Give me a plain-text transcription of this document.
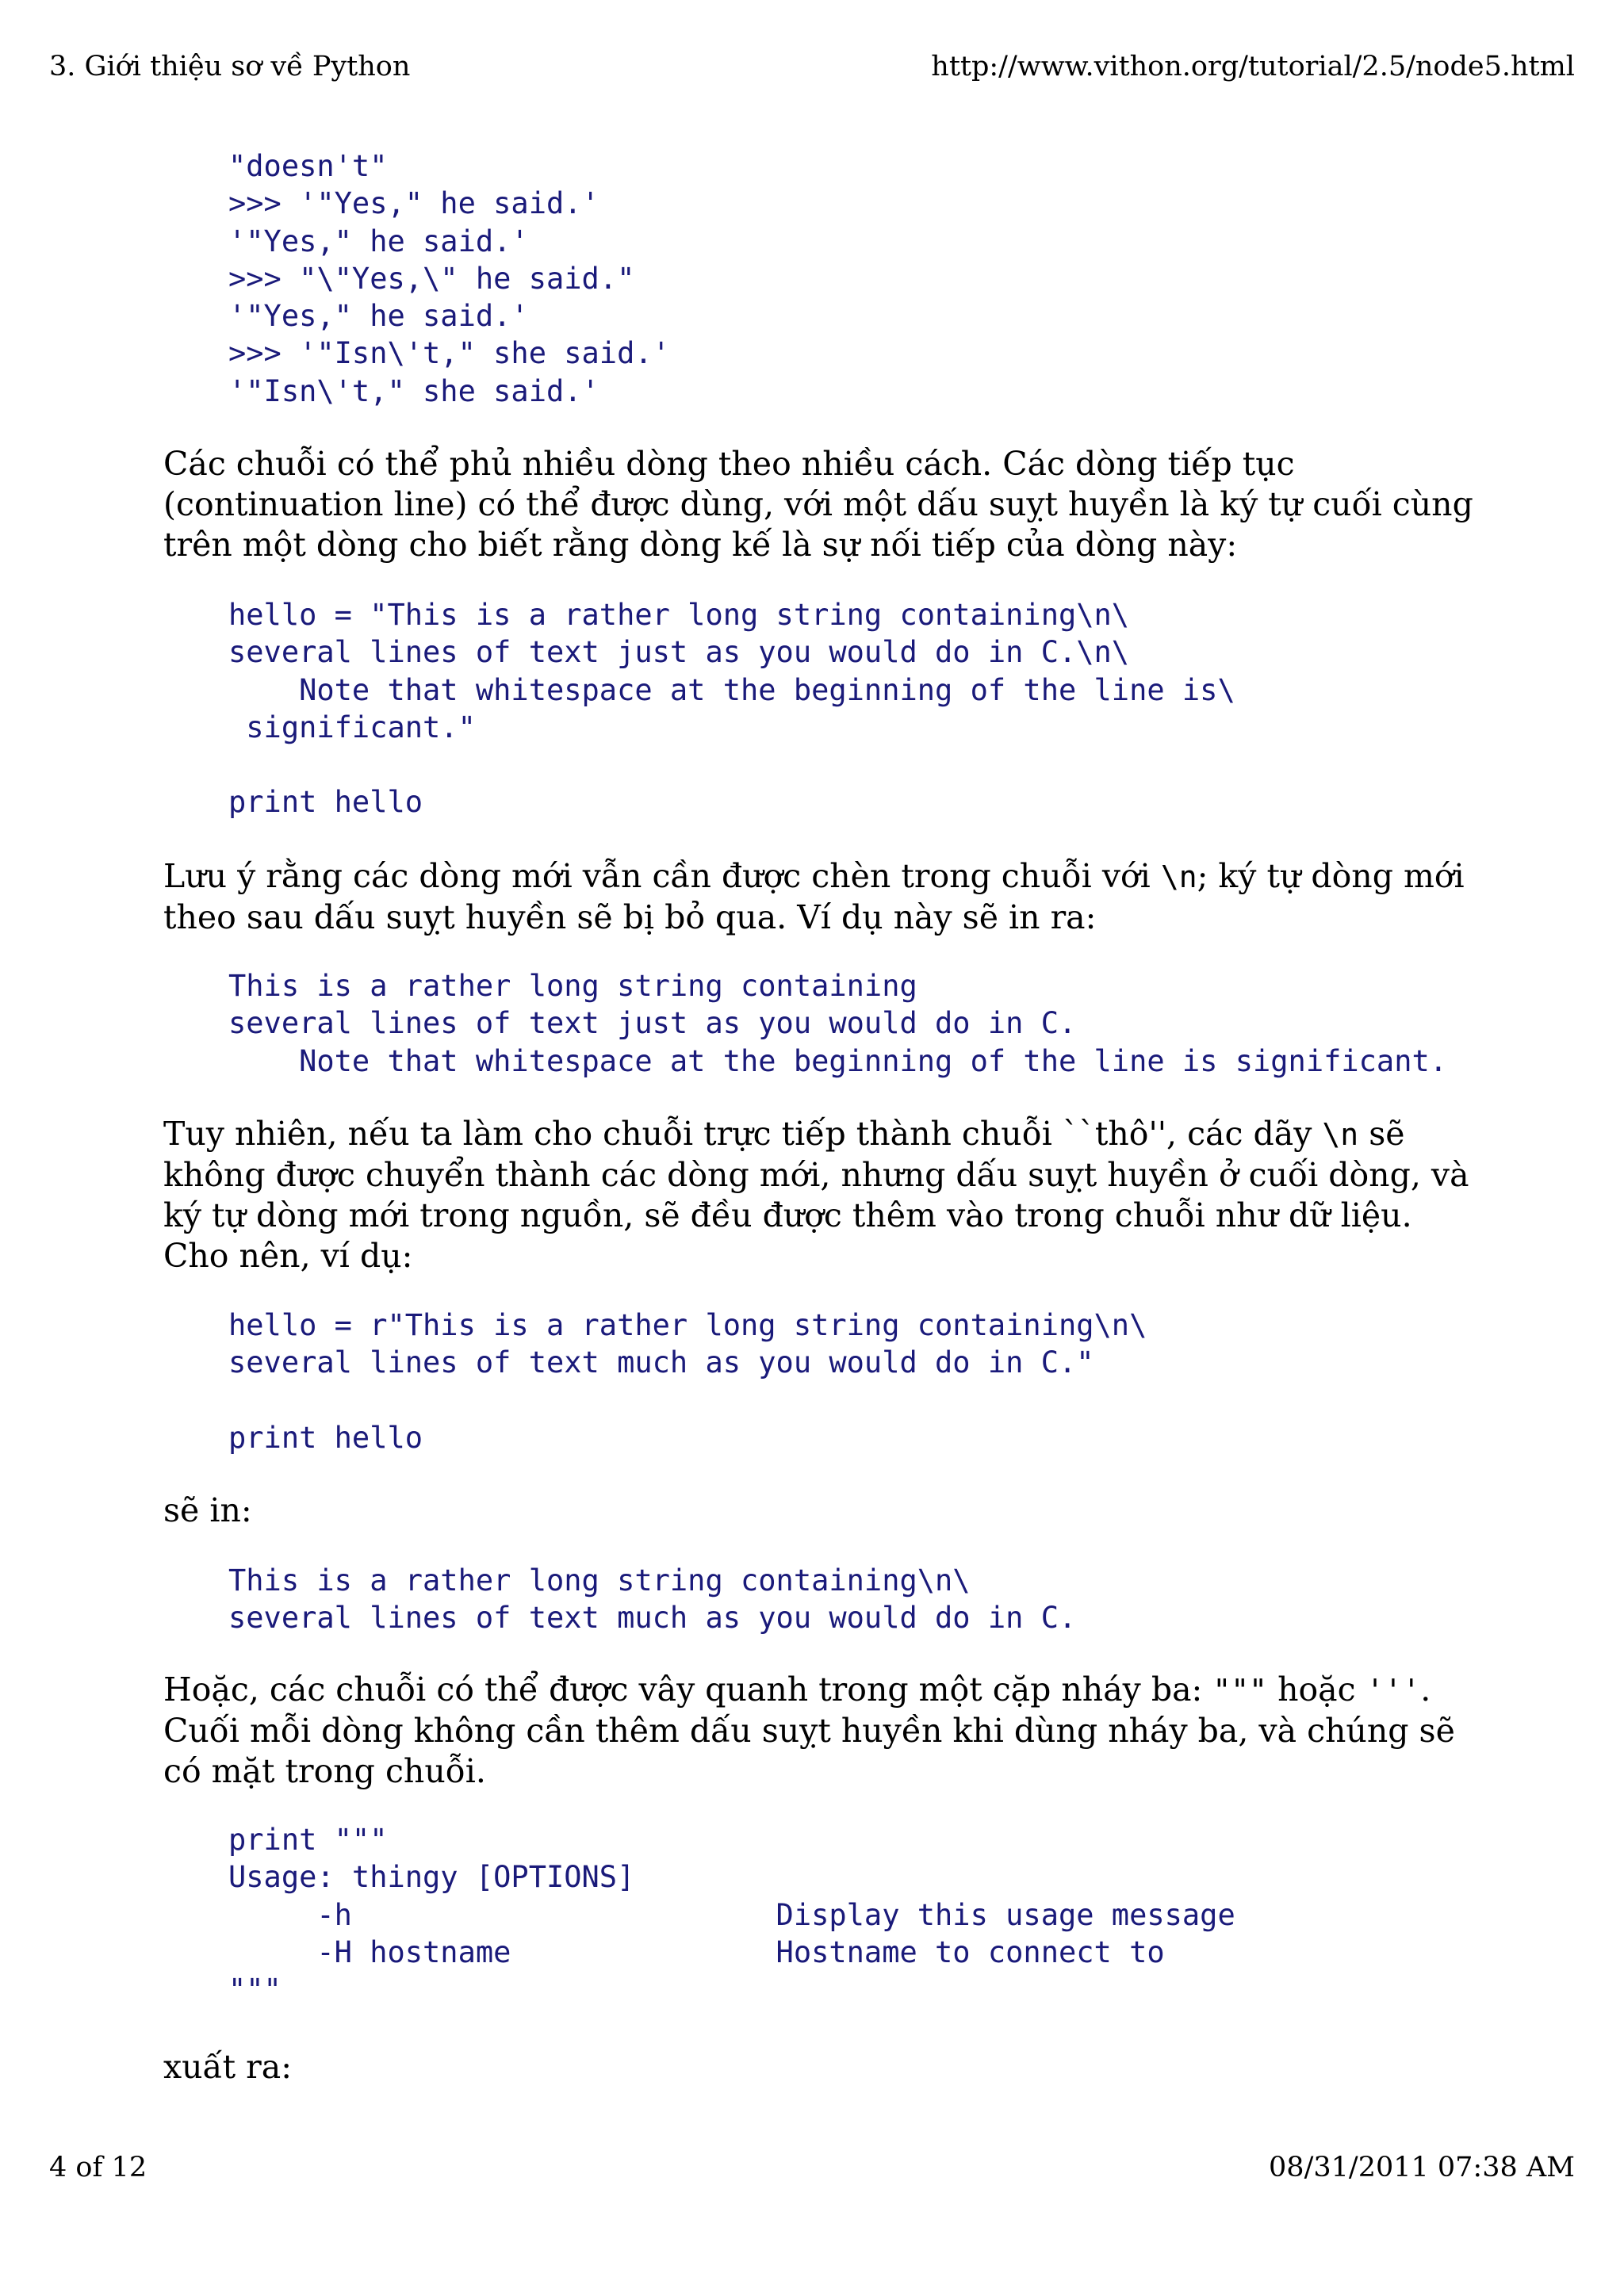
3. Giới thiệu sơ về Python	http://www.vithon.org/tutorial/2.5/node5.html
"doesn't"
>>> '"Yes," he said.'
'"Yes," he said.'
>>> "\"Yes,\" he said."
'"Yes," he said.'
>>> '"Isn\'t," she said.'
'"Isn\'t," she said.'

Các chuỗi có thể phủ nhiều dòng theo nhiều cách. Các dòng tiếp tục (continuation line) có thể được dùng, với một dấu suỵt huyền là ký tự cuối cùng trên một dòng cho biết rằng dòng kế là sự nối tiếp của dòng này:

hello = "This is a rather long string containing\n\
several lines of text just as you would do in C.\n\
Note that whitespace at the beginning of the line is\
significant."

print hello

Lưu ý rằng các dòng mới vẫn cần được chèn trong chuỗi với \n; ký tự dòng mới theo sau dấu suỵt huyền sẽ bị bỏ qua. Ví dụ này sẽ in ra:

This is a rather long string containing
several lines of text just as you would do in C.
Note that whitespace at the beginning of the line is significant.

Tuy nhiên, nếu ta làm cho chuỗi trực tiếp thành chuỗi ``thô'', các dãy \n sẽ không được chuyển thành các dòng mới, nhưng dấu suỵt huyền ở cuối dòng, và ký tự dòng mới trong nguồn, sẽ đều được thêm vào trong chuỗi như dữ liệu. Cho nên, ví dụ:

hello = r"This is a rather long string containing\n\
several lines of text much as you would do in C."

print hello

sẽ in:

This is a rather long string containing\n\
several lines of text much as you would do in C.

Hoặc, các chuỗi có thể được vây quanh trong một cặp nháy ba: """ hoặc '''. Cuối mỗi dòng không cần thêm dấu suỵt huyền khi dùng nháy ba, và chúng sẽ có mặt trong chuỗi.

print """
Usage: thingy [OPTIONS]
-h                        Display this usage message
-H hostname               Hostname to connect to
"""

xuất ra:

4 of 12	08/31/2011 07:38 AM
